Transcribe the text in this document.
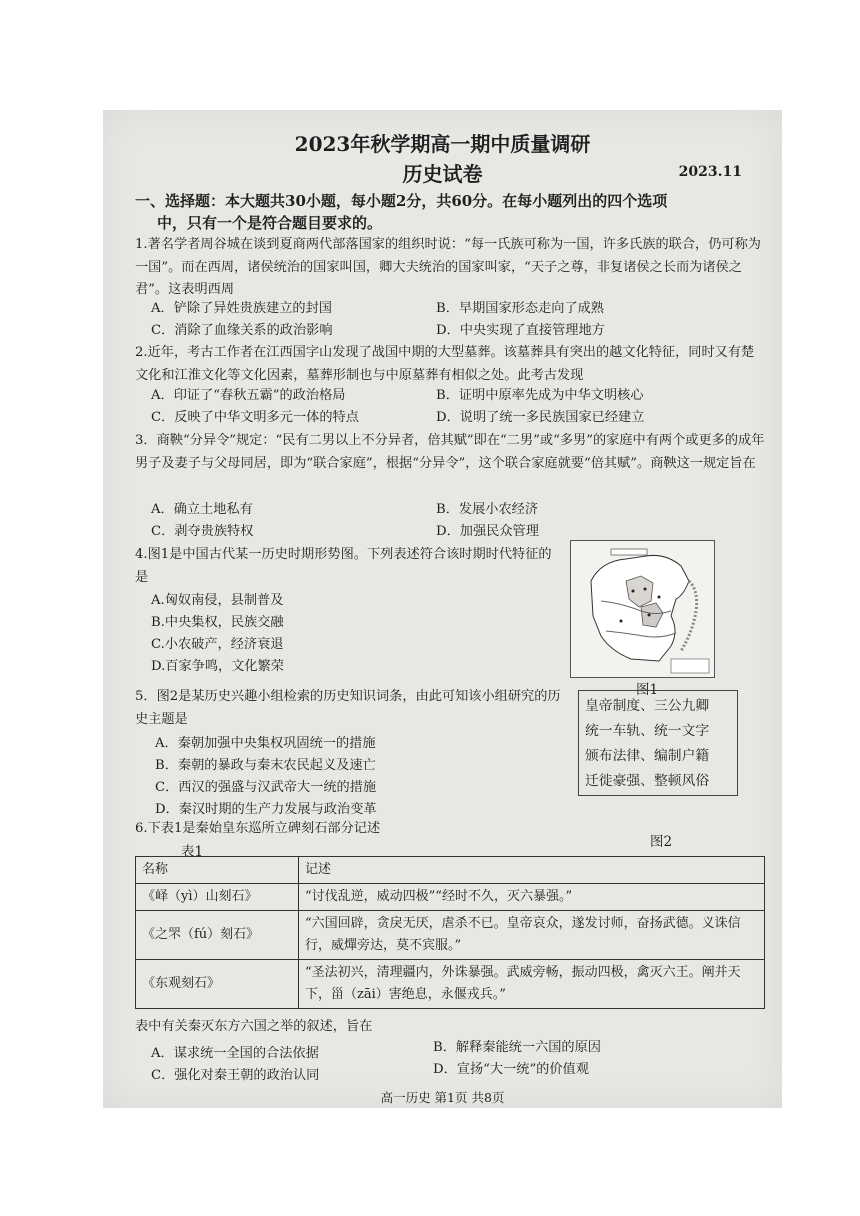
2023年秋学期高一期中质量调研
历史试卷	2023.11
一、选择题：本大题共30小题，每小题2分，共60分。在每小题列出的四个选项
中，只有一个是符合题目要求的。
1.著名学者周谷城在谈到夏商两代部落国家的组织时说：“每一氏族可称为一国，许多氏族的联合，仍可称为一国”。而在西周，诸侯统治的国家叫国，卿大夫统治的国家叫家，“天子之尊，非复诸侯之长而为诸侯之君”。这表明西周
A．铲除了异姓贵族建立的封国	B．早期国家形态走向了成熟
C．消除了血缘关系的政治影响	D．中央实现了直接管理地方
2.近年，考古工作者在江西国字山发现了战国中期的大型墓葬。该墓葬具有突出的越文化特征，同时又有楚文化和江淮文化等文化因素，墓葬形制也与中原墓葬有相似之处。此考古发现
A．印证了“春秋五霸”的政治格局	B．证明中原率先成为中华文明核心
C．反映了中华文明多元一体的特点	D．说明了统一多民族国家已经建立
3．商鞅“分异令”规定：“民有二男以上不分异者，倍其赋”即在“二男”或“多男”的家庭中有两个或更多的成年男子及妻子与父母同居，即为“联合家庭”，根据“分异令”，这个联合家庭就要“倍其赋”。商鞅这一规定旨在
A．确立土地私有	B．发展小农经济
C．剥夺贵族特权	D．加强民众管理
4.图1是中国古代某一历史时期形势图。下列表述符合该时期时代特征的是
A.匈奴南侵，县制普及
B.中央集权，民族交融
C.小农破产，经济衰退
D.百家争鸣，文化繁荣
图1
5．图2是某历史兴趣小组检索的历史知识词条，由此可知该小组研究的历史主题是
A．秦朝加强中央集权巩固统一的措施
B．秦朝的暴政与秦末农民起义及速亡
C．西汉的强盛与汉武帝大一统的措施
D．秦汉时期的生产力发展与政治变革
皇帝制度、三公九卿
统一车轨、统一文字
颁布法律、编制户籍
迁徙豪强、整顿风俗
图2
6.下表1是秦始皇东巡所立碑刻石部分记述
表1
名称	记述
《峄（yì）山刻石》	“讨伐乱逆，威动四极”“经时不久，灭六暴强。”
《之罘（fú）刻石》	“六国回辟，贪戾无厌，虐杀不已。皇帝哀众，遂发讨师，奋扬武德。义诛信行，威燀旁达，莫不宾服。”
《东观刻石》	“圣法初兴，清理疆内，外诛暴强。武威旁畅，振动四极，禽灭六王。阐并天下，甾（zāi）害绝息，永偃戎兵。”
表中有关秦灭东方六国之举的叙述，旨在
A．谋求统一全国的合法依据	B．解释秦能统一六国的原因
C．强化对秦王朝的政治认同	D．宣扬“大一统”的价值观
高一历史 第1页 共8页
